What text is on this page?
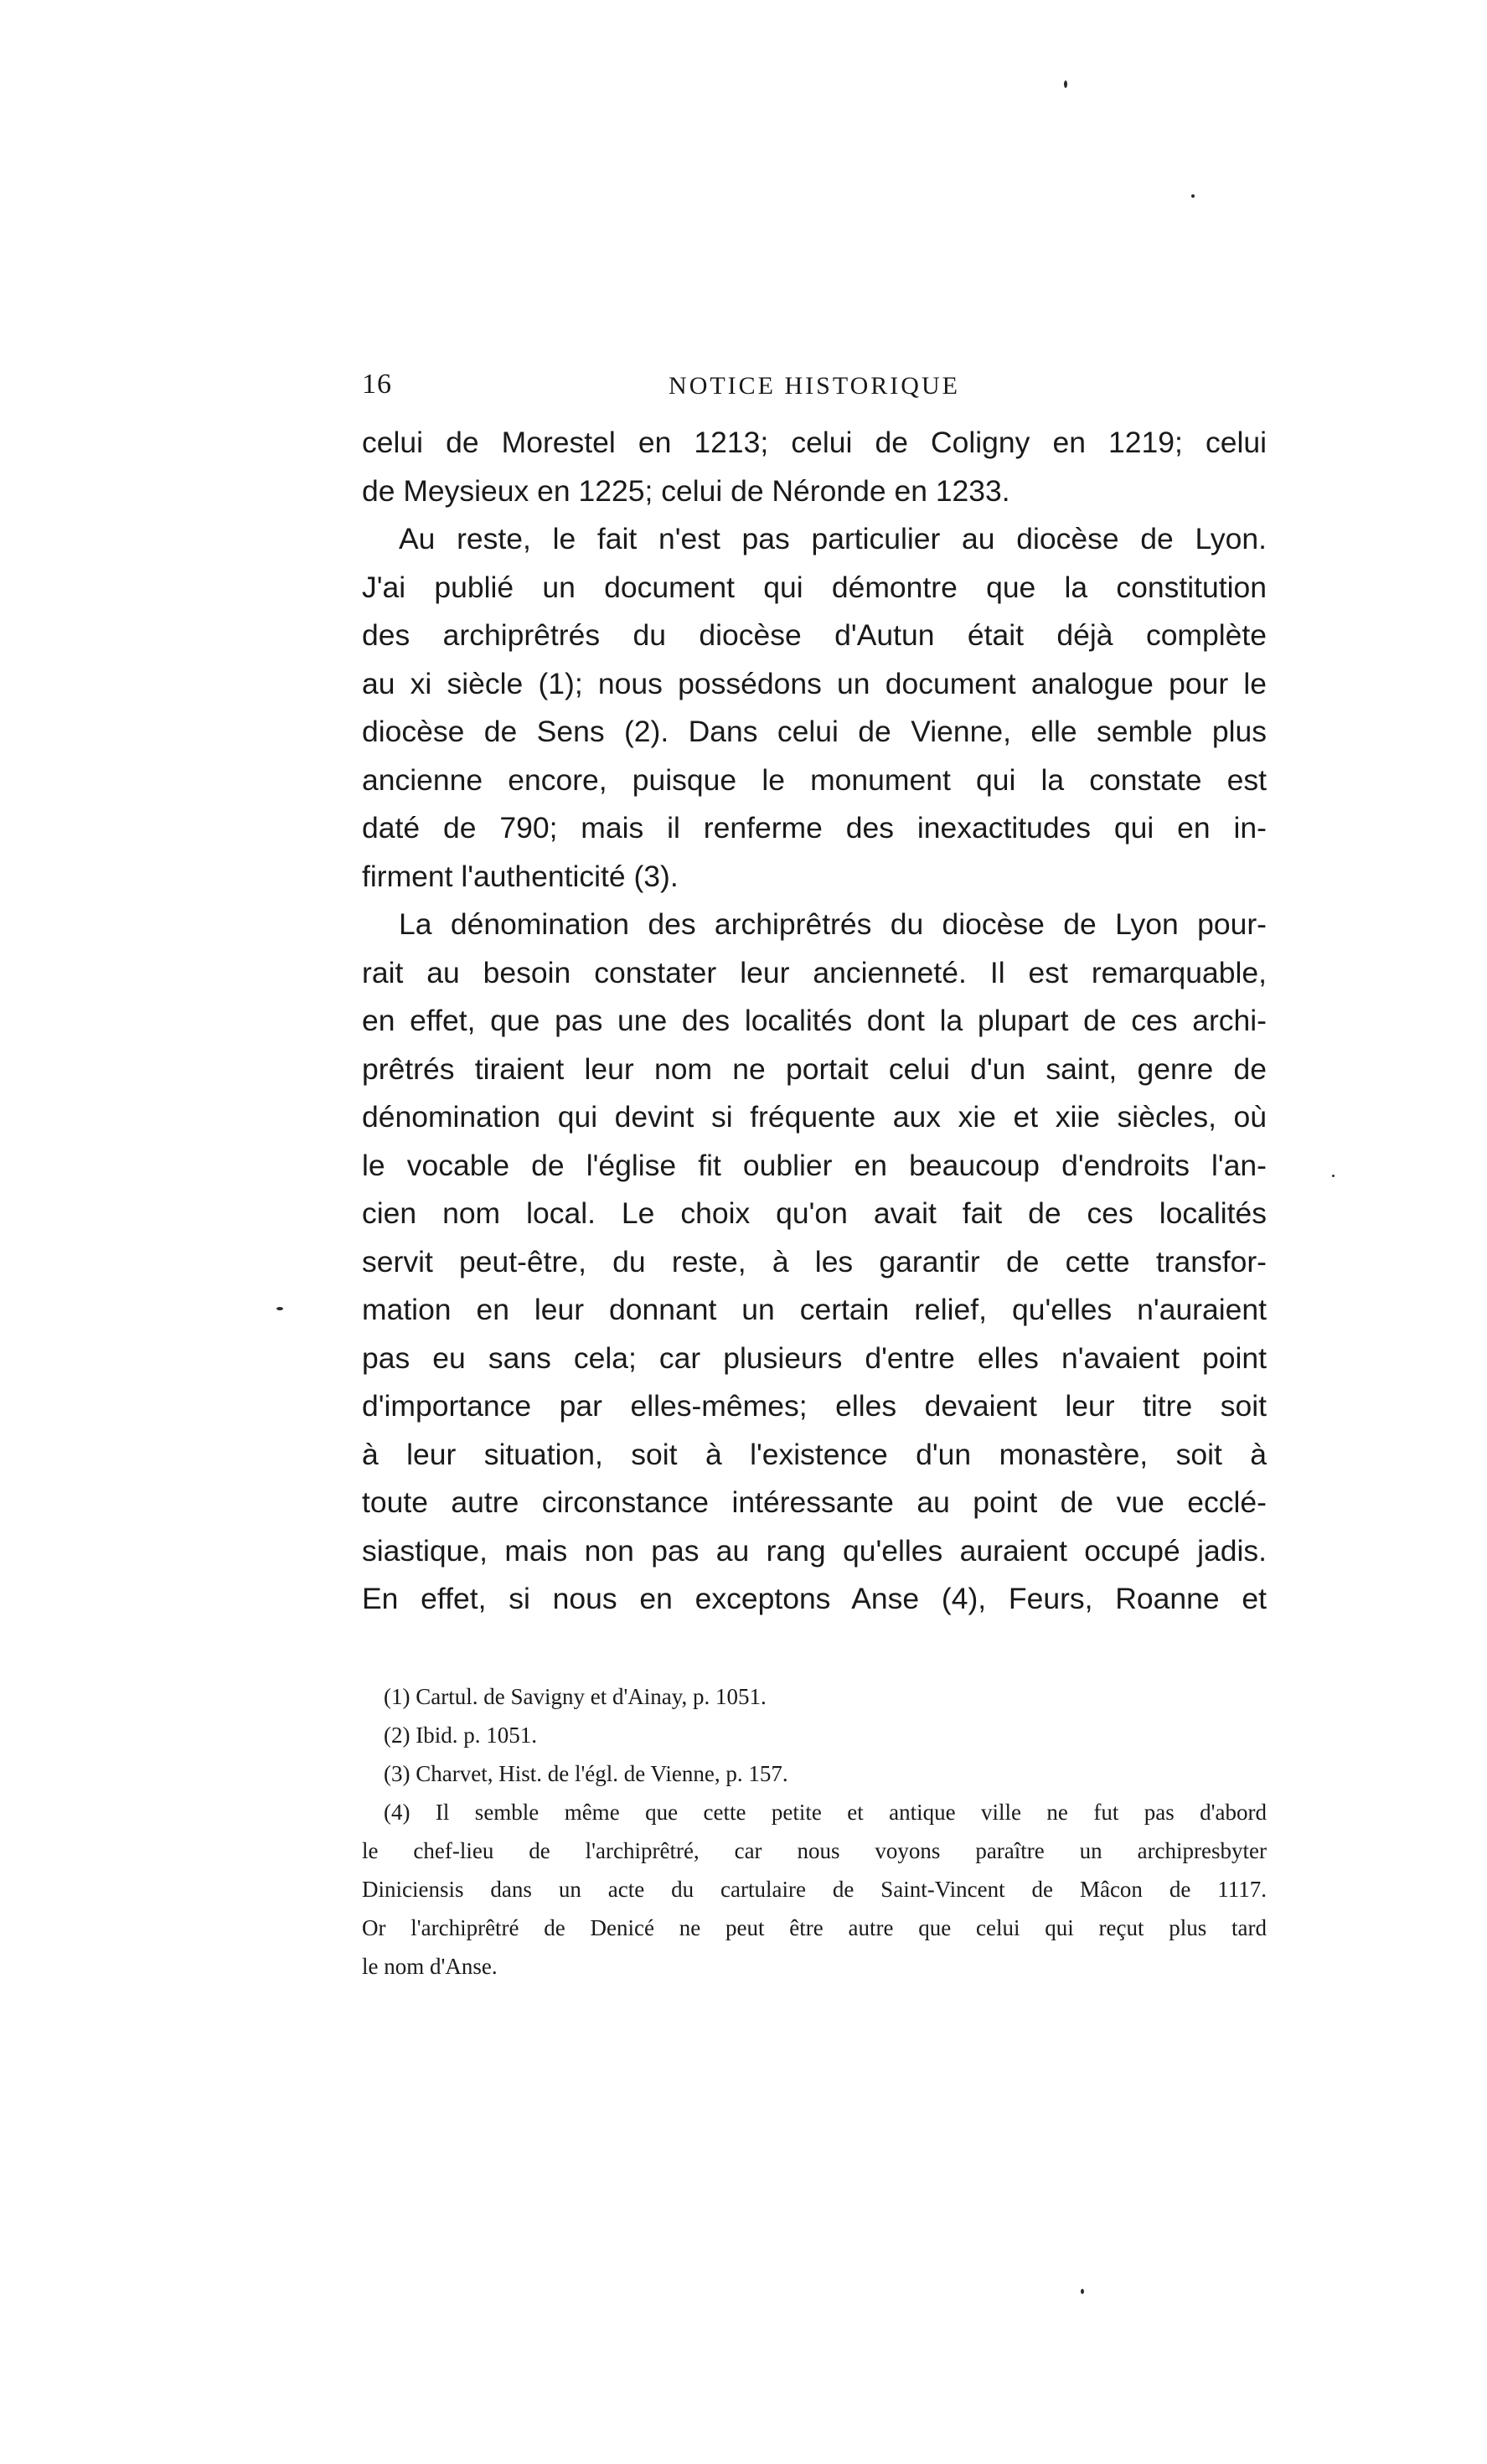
16	NOTICE HISTORIQUE
celui de Morestel en 1213; celui de Coligny en 1219; celui
de Meysieux en 1225; celui de Néronde en 1233.
Au reste, le fait n'est pas particulier au diocèse de Lyon.
J'ai publié un document qui démontre que la constitution
des archiprêtrés du diocèse d'Autun était déjà complète
au xi siècle (1); nous possédons un document analogue pour le
diocèse de Sens (2). Dans celui de Vienne, elle semble plus
ancienne encore, puisque le monument qui la constate est
daté de 790; mais il renferme des inexactitudes qui en in-
firment l'authenticité (3).
La dénomination des archiprêtrés du diocèse de Lyon pour-
rait au besoin constater leur ancienneté. Il est remarquable,
en effet, que pas une des localités dont la plupart de ces archi-
prêtrés tiraient leur nom ne portait celui d'un saint, genre de
dénomination qui devint si fréquente aux xie et xiie siècles, où
le vocable de l'église fit oublier en beaucoup d'endroits l'an-
cien nom local. Le choix qu'on avait fait de ces localités
servit peut-être, du reste, à les garantir de cette transfor-
mation en leur donnant un certain relief, qu'elles n'auraient
pas eu sans cela; car plusieurs d'entre elles n'avaient point
d'importance par elles-mêmes; elles devaient leur titre soit
à leur situation, soit à l'existence d'un monastère, soit à
toute autre circonstance intéressante au point de vue ecclé-
siastique, mais non pas au rang qu'elles auraient occupé jadis.
En effet, si nous en exceptons Anse (4), Feurs, Roanne et
(1) Cartul. de Savigny et d'Ainay, p. 1051.
(2) Ibid. p. 1051.
(3) Charvet, Hist. de l'égl. de Vienne, p. 157.
(4) Il semble même que cette petite et antique ville ne fut pas d'abord
le chef-lieu de l'archiprêtré, car nous voyons paraître un archipresbyter
Diniciensis dans un acte du cartulaire de Saint-Vincent de Mâcon de 1117.
Or l'archiprêtré de Denicé ne peut être autre que celui qui reçut plus tard
le nom d'Anse.
